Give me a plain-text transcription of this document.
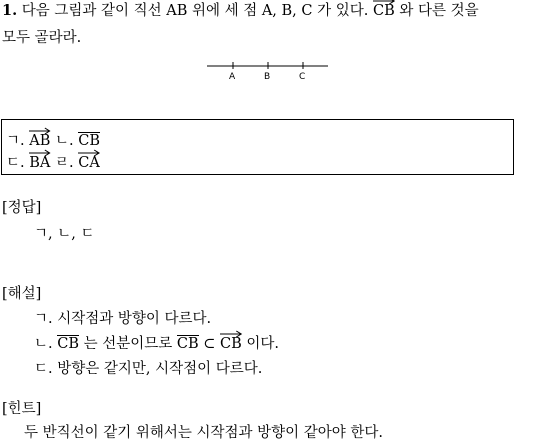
1. 다음 그림과 같이 직선 AB 위에 세 점 A, B, C 가 있다. CB 와 다른 것을
모두 골라라.
A	B	C
ㄱ. AB ㄴ. CB
ㄷ. BA ㄹ. CA
[정답]
ㄱ, ㄴ, ㄷ
[해설]
ㄱ. 시작점과 방향이 다르다.
ㄴ. CB 는 선분이므로 CB ⊂ CB 이다.
ㄷ. 방향은 같지만, 시작점이 다르다.
[힌트]
두 반직선이 같기 위해서는 시작점과 방향이 같아야 한다.
